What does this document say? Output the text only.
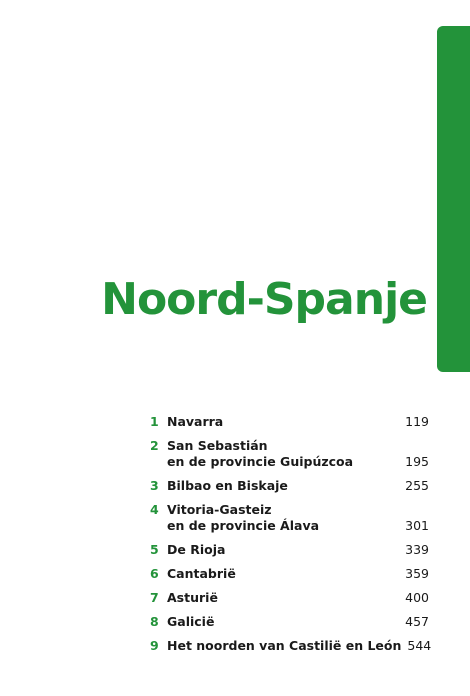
Noord-Spanje
1 Navarra	119
2 San Sebastián
en de provincie Guipúzcoa	195
3 Bilbao en Biskaje	255
4 Vitoria-Gasteiz
en de provincie Álava	301
5 De Rioja	339
6 Cantabrië	359
7 Asturië	400
8 Galicië	457
9 Het noorden van Castilië en León 544
